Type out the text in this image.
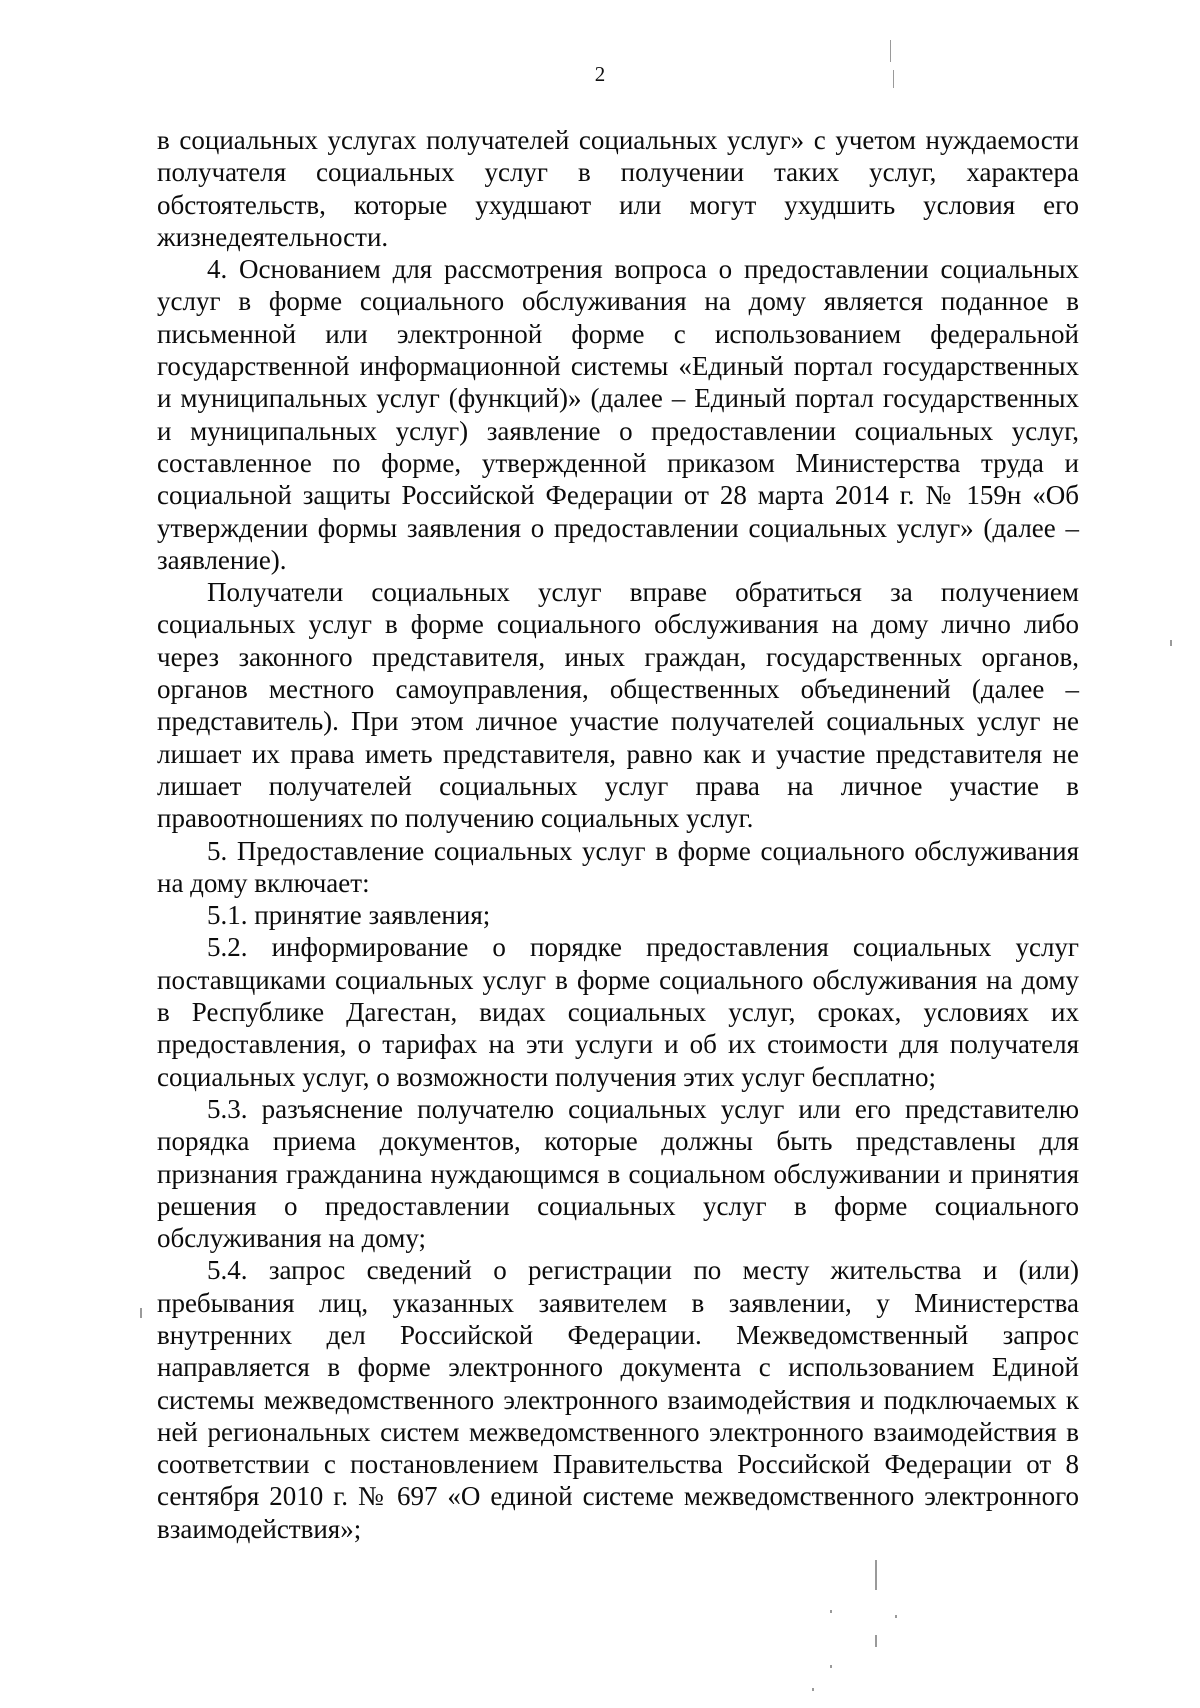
2

в социальных услугах получателей социальных услуг» с учетом нуждаемости получателя социальных услуг в получении таких услуг, характера обстоятельств, которые ухудшают или могут ухудшить условия его жизнедеятельности.

4. Основанием для рассмотрения вопроса о предоставлении социальных услуг в форме социального обслуживания на дому является поданное в письменной или электронной форме с использованием федеральной государственной информационной системы «Единый портал государственных и муниципальных услуг (функций)» (далее – Единый портал государственных и муниципальных услуг) заявление о предоставлении социальных услуг, составленное по форме, утвержденной приказом Министерства труда и социальной защиты Российской Федерации от 28 марта 2014 г. № 159н «Об утверждении формы заявления о предоставлении социальных услуг» (далее – заявление).

Получатели социальных услуг вправе обратиться за получением социальных услуг в форме социального обслуживания на дому лично либо через законного представителя, иных граждан, государственных органов, органов местного самоуправления, общественных объединений (далее – представитель). При этом личное участие получателей социальных услуг не лишает их права иметь представителя, равно как и участие представителя не лишает получателей социальных услуг права на личное участие в правоотношениях по получению социальных услуг.

5. Предоставление социальных услуг в форме социального обслуживания на дому включает:

5.1. принятие заявления;

5.2. информирование о порядке предоставления социальных услуг поставщиками социальных услуг в форме социального обслуживания на дому в Республике Дагестан, видах социальных услуг, сроках, условиях их предоставления, о тарифах на эти услуги и об их стоимости для получателя социальных услуг, о возможности получения этих услуг бесплатно;

5.3. разъяснение получателю социальных услуг или его представителю порядка приема документов, которые должны быть представлены для признания гражданина нуждающимся в социальном обслуживании и принятия решения о предоставлении социальных услуг в форме социального обслуживания на дому;

5.4. запрос сведений о регистрации по месту жительства и (или) пребывания лиц, указанных заявителем в заявлении, у Министерства внутренних дел Российской Федерации. Межведомственный запрос направляется в форме электронного документа с использованием Единой системы межведомственного электронного взаимодействия и подключаемых к ней региональных систем межведомственного электронного взаимодействия в соответствии с постановлением Правительства Российской Федерации от 8 сентября 2010 г. № 697 «О единой системе межведомственного электронного взаимодействия»;
